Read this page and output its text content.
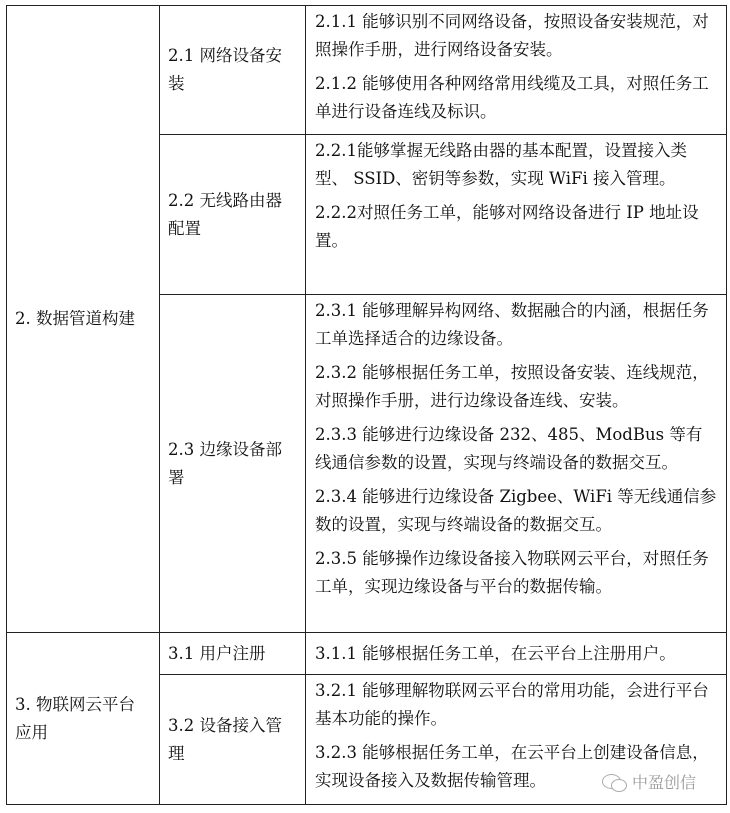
2. 数据管道构建	2.1 网络设备安装	2.1.1 能够识别不同网络设备，按照设备安装规范，对照操作手册，进行网络设备安装。
2.1.2 能够使用各种网络常用线缆及工具，对照任务工单进行设备连线及标识。

	2.2 无线路由器配置	2.2.1能够掌握无线路由器的基本配置，设置接入类型、 SSID、密钥等参数，实现 WiFi 接入管理。
2.2.2对照任务工单，能够对网络设备进行 IP 地址设置。

	2.3 边缘设备部署	2.3.1 能够理解异构网络、数据融合的内涵，根据任务工单选择适合的边缘设备。
2.3.2 能够根据任务工单，按照设备安装、连线规范，对照操作手册，进行边缘设备连线、安装。
2.3.3 能够进行边缘设备 232、485、ModBus 等有线通信参数的设置，实现与终端设备的数据交互。
2.3.4 能够进行边缘设备 Zigbee、WiFi 等无线通信参数的设置，实现与终端设备的数据交互。
2.3.5 能够操作边缘设备接入物联网云平台，对照任务工单，实现边缘设备与平台的数据传输。

3. 物联网云平台应用	3.1 用户注册	3.1.1 能够根据任务工单，在云平台上注册用户。

	3.2 设备接入管理	3.2.1 能够理解物联网云平台的常用功能，会进行平台基本功能的操作。
3.2.3 能够根据任务工单，在云平台上创建设备信息，实现设备接入及数据传输管理。	中盈创信
